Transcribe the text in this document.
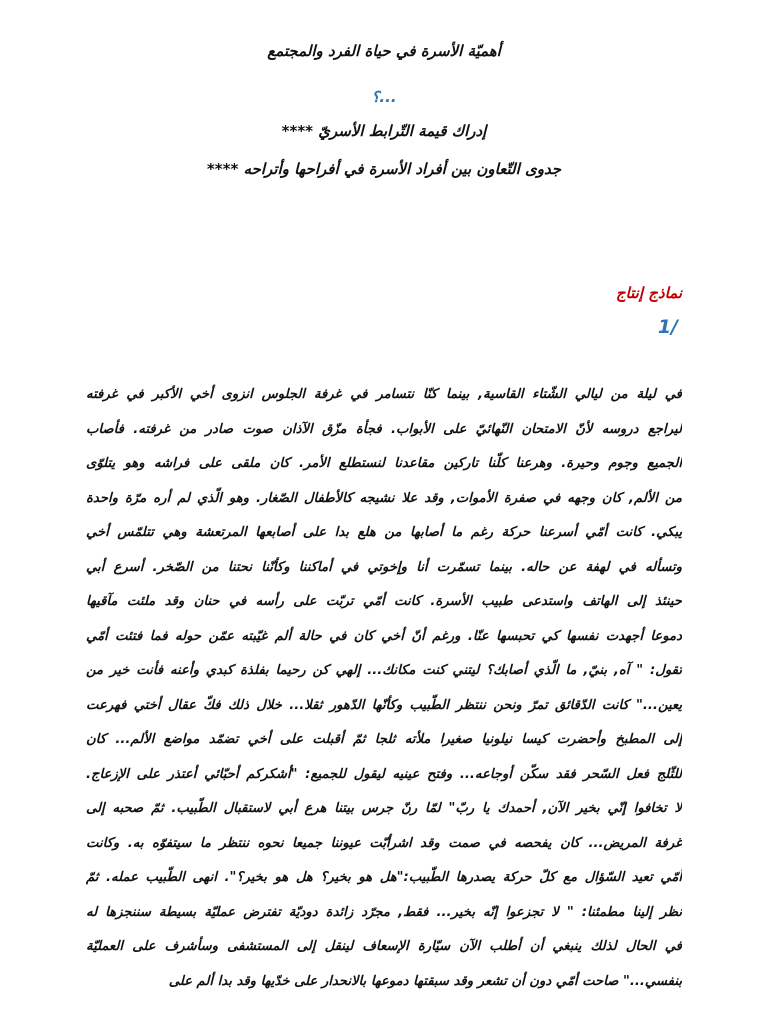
أهميّة الأسرة في حياة الفرد والمجتمع
...؟
إدراك قيمة التّرابط الأسريّ ****
جدوى التّعاون بين أفراد الأسرة في أفراحها وأتراحه ****
نماذج إنتاج
1/
في ليلة من ليالي الشّتاء القاسية, بينما كنّا نتسامر في غرفة الجلوس انزوى أخي الأكبر في غرفته
ليراجع دروسه لأنّ الامتحان النّهائيّ على الأبواب. فجأة مزّق الآذان صوت صادر من غرفته. فأصاب
الجميع وجوم وحيرة. وهرعنا كلّنا تاركين مقاعدنا لنستطلع الأمر. كان ملقى على فراشه وهو يتلوّى
من الألم, كان وجهه في صفرة الأموات, وقد علا نشيجه كالأطفال الصّغار. وهو الّذي لم أره مرّة واحدة
يبكي. كانت أمّي أسرعنا حركة رغم ما أصابها من هلع بدا على أصابعها المرتعشة وهي تتلمّس أخي
وتسأله في لهفة عن حاله. بينما تسمّرت أنا وإخوتي في أماكننا وكأنّنا نحتنا من الصّخر. أسرع أبي
حينئذ إلى الهاتف واستدعى طبيب الأسرة. كانت أمّي تربّت على رأسه في حنان وقد ملئت مآقيها
دموعا أجهدت نفسها كي تحبسها عنّا. ورغم أنّ أخي كان في حالة ألم غيّبته عمّن حوله فما فتئت أمّي
تقول: " آه, بنيّ, ما الّذي أصابك؟ ليتني كنت مكانك... إلهي كن رحيما بفلذة كبدي وأعنه فأنت خير من
يعين..." كانت الدّقائق تمرّ ونحن ننتظر الطّبيب وكأنّها الدّهور ثقلا... خلال ذلك فكّ عقال أختي فهرعت
إلى المطبخ وأحضرت كيسا نيلونيا صغيرا ملأته ثلجا ثمّ أقبلت على أخي تضمّد مواضع الألم... كان
للثّلج فعل السّحر فقد سكّن أوجاعه... وفتح عينيه ليقول للجميع: "أشكركم أحبّائي أعتذر على الإزعاج.
لا تخافوا إنّي بخير الآن, أحمدك يا ربّ" لمّا رنّ جرس بيتنا هرع أبي لاستقبال الطّبيب. ثمّ صحبه إلى
غرفة المريض... كان يفحصه في صمت وقد اشرأبّت عيوننا جميعا نحوه ننتظر ما سيتفوّه به. وكانت
أمّي تعيد السّؤال مع كلّ حركة يصدرها الطّبيب:"هل هو بخير؟ هل هو بخير؟". انهى الطّبيب عمله. ثمّ
نظر إلينا مطمئنا: " لا تجزعوا إنّه بخير... فقط, مجرّد زائدة دوديّة تفترض عمليّة بسيطة سننجزها له
في الحال لذلك ينبغي أن أطلب الآن سيّارة الإسعاف لينقل إلى المستشفى وسأشرف على العمليّة
بنفسي..." صاحت أمّي دون أن تشعر وقد سبقتها دموعها بالانحدار على خدّيها وقد بدا ألم على
